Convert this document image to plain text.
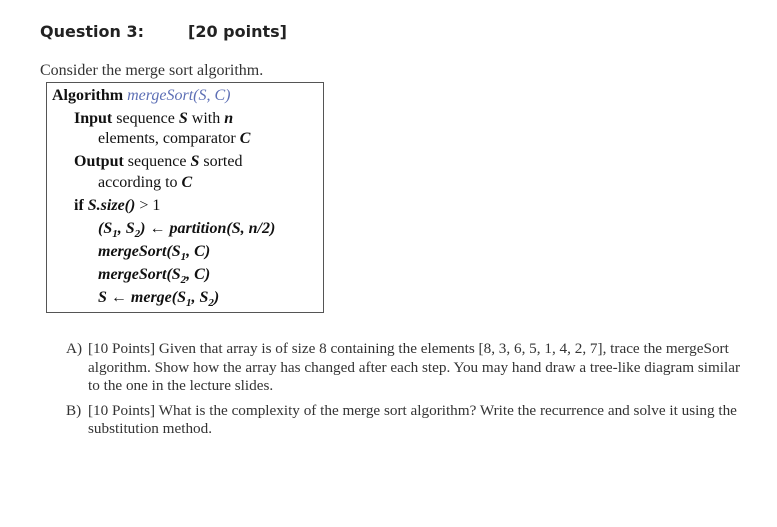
Question 3:	[20 points]
Consider the merge sort algorithm.
Algorithm mergeSort(S, C)
Input sequence S with n
elements, comparator C
Output sequence S sorted
according to C
if S.size() > 1
($S_1$, $S_2$) ← partition(S, n/2)
$mergeSort(S_1$, C)
$mergeSort(S_2$, C)
S ← $merge(S_1$, $S_2$)
A) [10 Points] Given that array is of size 8 containing the elements [8, 3, 6, 5, 1, 4, 2, 7], trace the mergeSort algorithm. Show how the array has changed after each step. You may hand draw a tree-like diagram similar to the one in the lecture slides.
B) [10 Points] What is the complexity of the merge sort algorithm? Write the recurrence and solve it using the substitution method.
